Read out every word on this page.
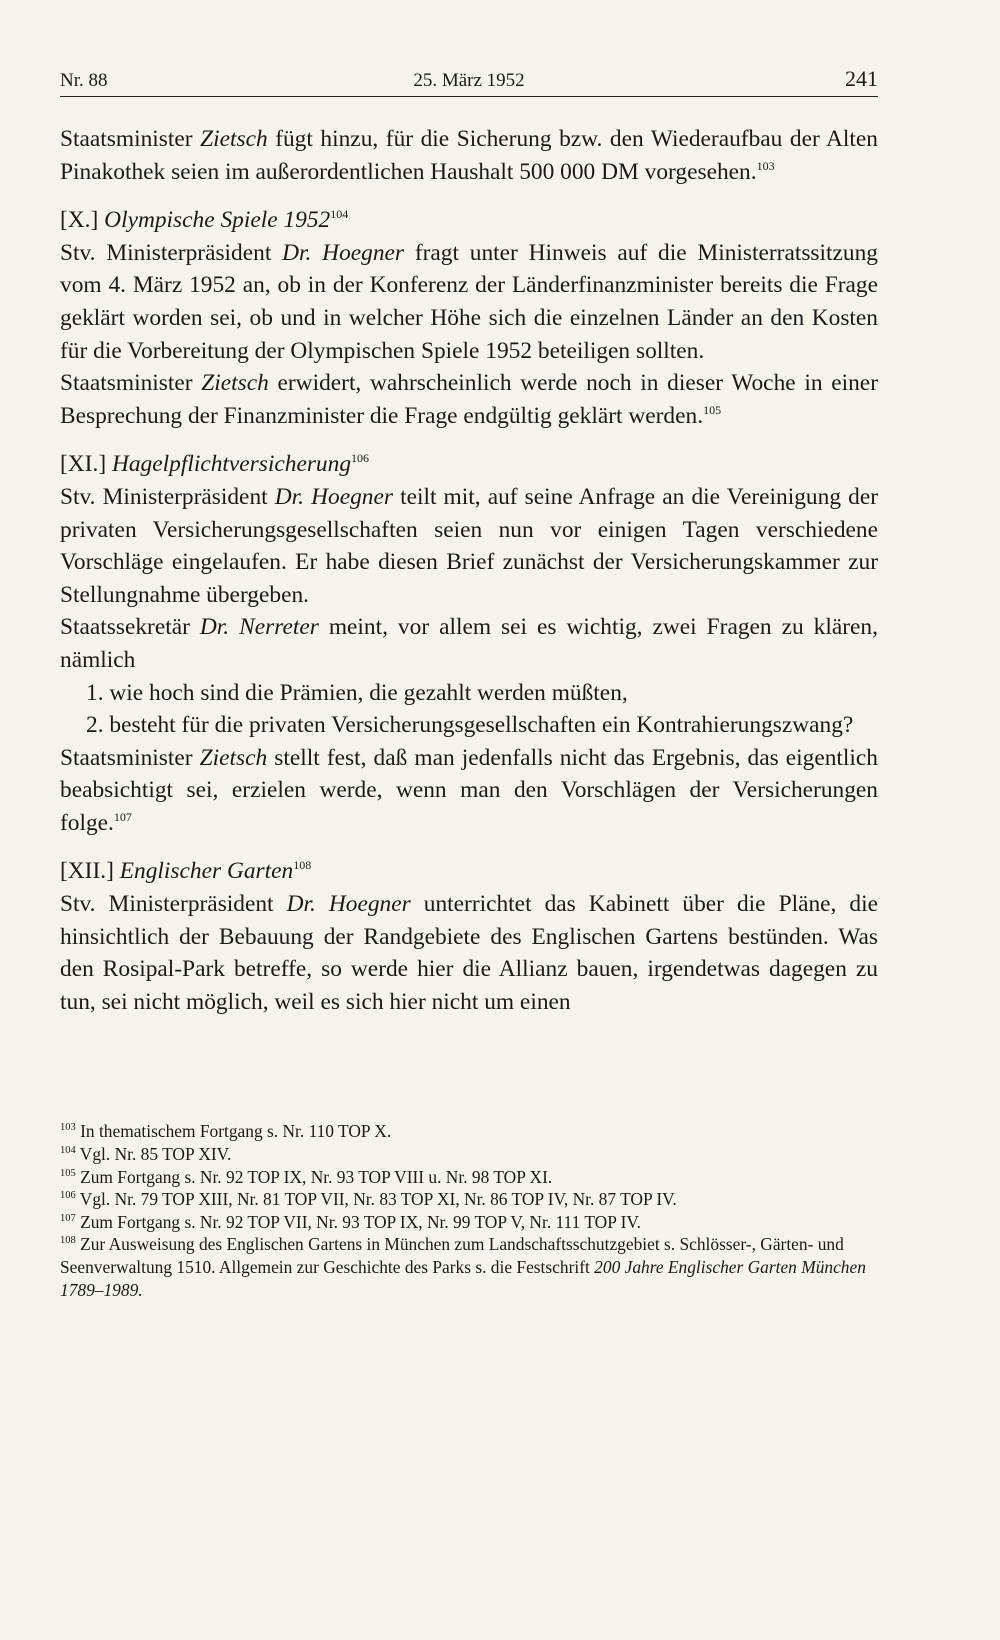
Nr. 88	25. März 1952	241

Staatsminister Zietsch fügt hinzu, für die Sicherung bzw. den Wiederaufbau der Alten Pinakothek seien im außerordentlichen Haushalt 500 000 DM vorgesehen.$^{103}$

[X.] Olympische Spiele 1952$^{104}$

Stv. Ministerpräsident Dr. Hoegner fragt unter Hinweis auf die Ministerratssitzung vom 4. März 1952 an, ob in der Konferenz der Länderfinanzminister bereits die Frage geklärt worden sei, ob und in welcher Höhe sich die einzelnen Länder an den Kosten für die Vorbereitung der Olympischen Spiele 1952 beteiligen sollten.

Staatsminister Zietsch erwidert, wahrscheinlich werde noch in dieser Woche in einer Besprechung der Finanzminister die Frage endgültig geklärt werden.$^{105}$

[XI.] Hagelpflichtversicherung$^{106}$

Stv. Ministerpräsident Dr. Hoegner teilt mit, auf seine Anfrage an die Vereinigung der privaten Versicherungsgesellschaften seien nun vor einigen Tagen verschiedene Vorschläge eingelaufen. Er habe diesen Brief zunächst der Versicherungskammer zur Stellungnahme übergeben.

Staatssekretär Dr. Nerreter meint, vor allem sei es wichtig, zwei Fragen zu klären, nämlich

1. wie hoch sind die Prämien, die gezahlt werden müßten,

2. besteht für die privaten Versicherungsgesellschaften ein Kontrahierungszwang?

Staatsminister Zietsch stellt fest, daß man jedenfalls nicht das Ergebnis, das eigentlich beabsichtigt sei, erzielen werde, wenn man den Vorschlägen der Versicherungen folge.$^{107}$

[XII.] Englischer Garten$^{108}$

Stv. Ministerpräsident Dr. Hoegner unterrichtet das Kabinett über die Pläne, die hinsichtlich der Bebauung der Randgebiete des Englischen Gartens bestünden. Was den Rosipal-Park betreffe, so werde hier die Allianz bauen, irgendetwas dagegen zu tun, sei nicht möglich, weil es sich hier nicht um einen

$^{103}$ In thematischem Fortgang s. Nr. 110 TOP X.
$^{104}$ Vgl. Nr. 85 TOP XIV.
$^{105}$ Zum Fortgang s. Nr. 92 TOP IX, Nr. 93 TOP VIII u. Nr. 98 TOP XI.
$^{106}$ Vgl. Nr. 79 TOP XIII, Nr. 81 TOP VII, Nr. 83 TOP XI, Nr. 86 TOP IV, Nr. 87 TOP IV.
$^{107}$ Zum Fortgang s. Nr. 92 TOP VII, Nr. 93 TOP IX, Nr. 99 TOP V, Nr. 111 TOP IV.
$^{108}$ Zur Ausweisung des Englischen Gartens in München zum Landschaftsschutzgebiet s. Schlösser-, Gärten- und Seenverwaltung 1510. Allgemein zur Geschichte des Parks s. die Festschrift 200 Jahre Englischer Garten München 1789–1989.
